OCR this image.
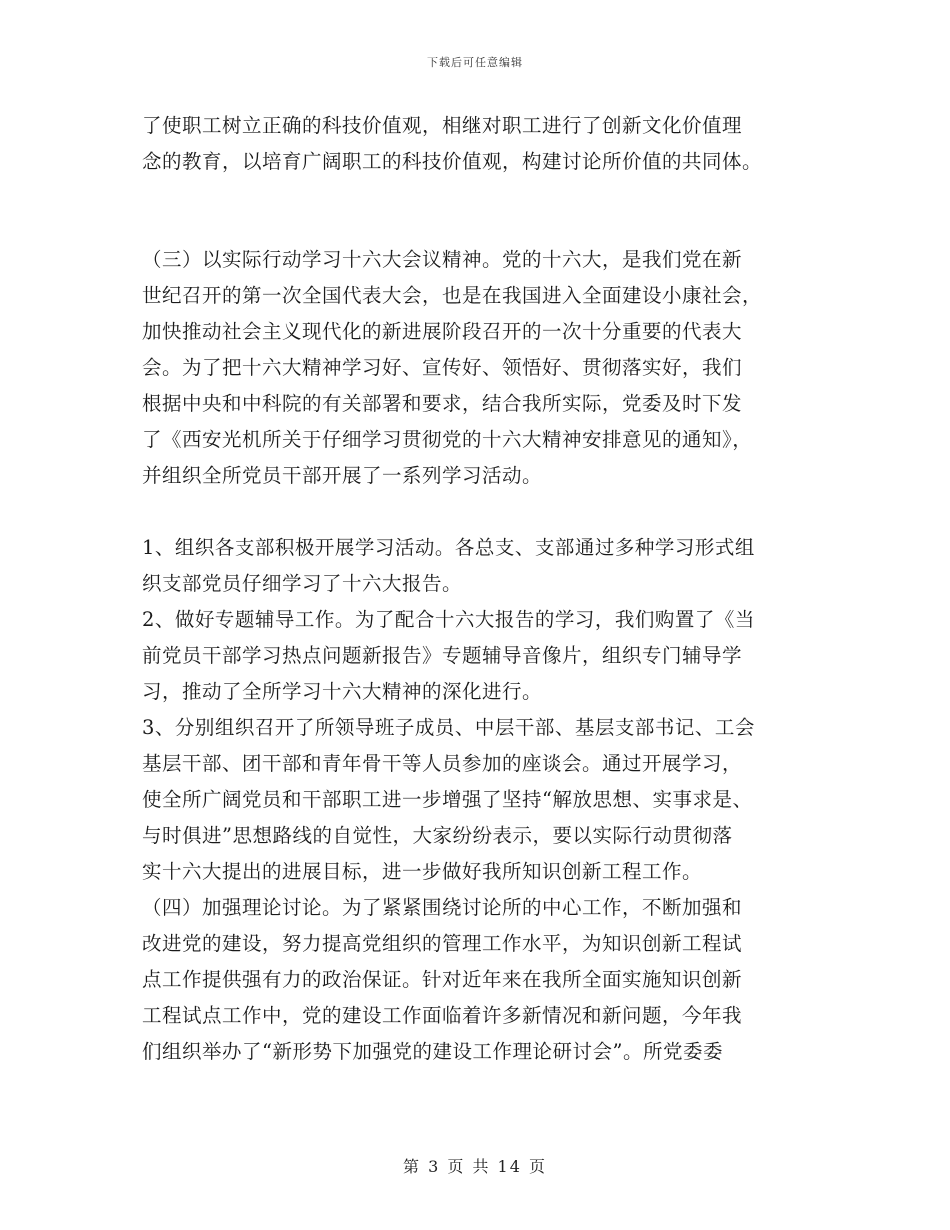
下载后可任意编辑
了使职工树立正确的科技价值观，相继对职工进行了创新文化价值理
念的教育，以培育广阔职工的科技价值观，构建讨论所价值的共同体。
（三）以实际行动学习十六大会议精神。党的十六大，是我们党在新
世纪召开的第一次全国代表大会，也是在我国进入全面建设小康社会，
加快推动社会主义现代化的新进展阶段召开的一次十分重要的代表大
会。为了把十六大精神学习好、宣传好、领悟好、贯彻落实好，我们
根据中央和中科院的有关部署和要求，结合我所实际，党委及时下发
了《西安光机所关于仔细学习贯彻党的十六大精神安排意见的通知》，
并组织全所党员干部开展了一系列学习活动。
1、组织各支部积极开展学习活动。各总支、支部通过多种学习形式组
织支部党员仔细学习了十六大报告。
2、做好专题辅导工作。为了配合十六大报告的学习，我们购置了《当
前党员干部学习热点问题新报告》专题辅导音像片，组织专门辅导学
习，推动了全所学习十六大精神的深化进行。
3、分别组织召开了所领导班子成员、中层干部、基层支部书记、工会
基层干部、团干部和青年骨干等人员参加的座谈会。通过开展学习，
使全所广阔党员和干部职工进一步增强了坚持“解放思想、实事求是、
与时俱进”思想路线的自觉性，大家纷纷表示，要以实际行动贯彻落
实十六大提出的进展目标，进一步做好我所知识创新工程工作。
（四）加强理论讨论。为了紧紧围绕讨论所的中心工作，不断加强和
改进党的建设，努力提高党组织的管理工作水平，为知识创新工程试
点工作提供强有力的政治保证。针对近年来在我所全面实施知识创新
工程试点工作中，党的建设工作面临着许多新情况和新问题，今年我
们组织举办了“新形势下加强党的建设工作理论研讨会”。所党委委
第 3 页 共 14 页
